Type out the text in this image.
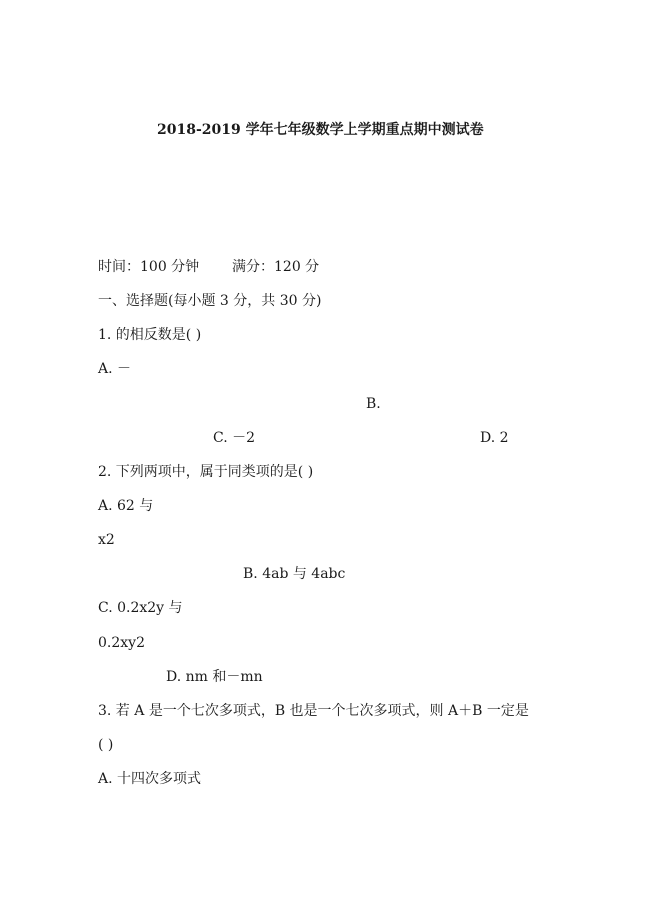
2018-2019 学年七年级数学上学期重点期中测试卷
时间：100 分钟 满分：120 分
一、选择题(每小题 3 分，共 30 分)
1. 的相反数是( )
A. －
B.
C. －2	D. 2
2. 下列两项中，属于同类项的是( )
A. 62 与
x2
B. 4ab 与 4abc
C. 0.2x2y 与
0.2xy2
D. nm 和－mn
3. 若 A 是一个七次多项式，B 也是一个七次多项式，则 A＋B 一定是
( )
A. 十四次多项式
